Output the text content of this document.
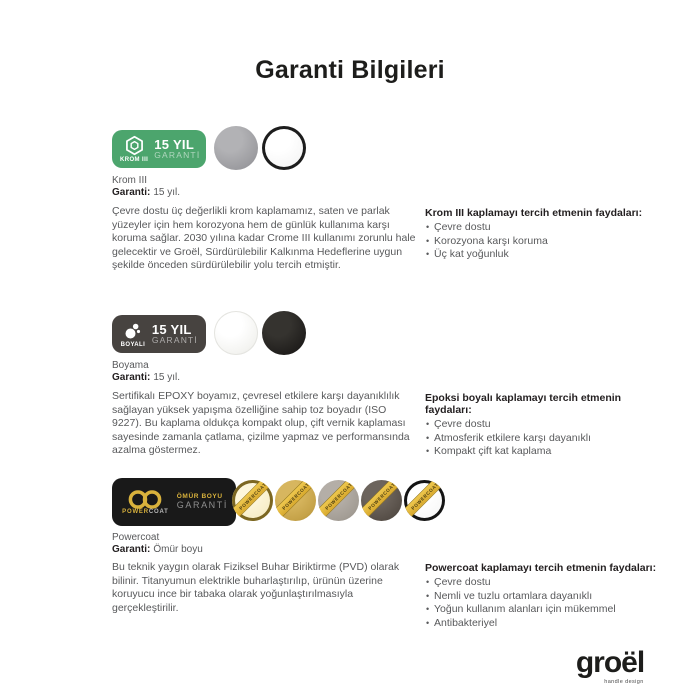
Garanti Bilgileri
KROM III
15 YIL
GARANTİ
Krom III
Garanti: 15 yıl.

Çevre dostu üç değerlikli krom kaplamamız, saten ve parlak yüzeyler için hem korozyona hem de günlük kullanıma karşı koruma sağlar. 2030 yılına kadar Crome III kullanımı zorunlu hale gelecektir ve Groël, Sürdürülebilir Kalkınma Hedeflerine uygun şekilde önceden sürdürülebilir yolu tercih etmiştir.

Krom III kaplamayı tercih etmenin faydaları:
• Çevre dostu
• Korozyona karşı koruma
• Üç kat yoğunluk
BOYALI
15 YIL
GARANTİ
Boyama
Garanti: 15 yıl.

Sertifikalı EPOXY boyamız, çevresel etkilere karşı dayanıklılık sağlayan yüksek yapışma özelliğine sahip toz boyadır (ISO 9227). Bu kaplama oldukça kompakt olup, çift vernik kaplaması sayesinde zamanla çatlama, çizilme yapmaz ve performansında azalma göstermez.

Epoksi boyalı kaplamayı tercih etmenin faydaları:
• Çevre dostu
• Atmosferik etkilere karşı dayanıklı
• Kompakt çift kat kaplama
POWERCOAT
ÖMÜR BOYU
GARANTİ POWERCOAT	POWERCOAT	POWERCOAT	POWERCOAT	POWERCOAT
Powercoat
Garanti: Ömür boyu

Bu teknik yaygın olarak Fiziksel Buhar Biriktirme (PVD) olarak bilinir. Titanyumun elektrikle buharlaştırılıp, ürünün üzerine koruyucu ince bir tabaka olarak yoğunlaştırılmasıyla gerçekleştirilir.

Powercoat kaplamayı tercih etmenin faydaları:
• Çevre dostu
• Nemli ve tuzlu ortamlara dayanıklı
• Yoğun kullanım alanları için mükemmel
• Antibakteriyel
groël
handle design
